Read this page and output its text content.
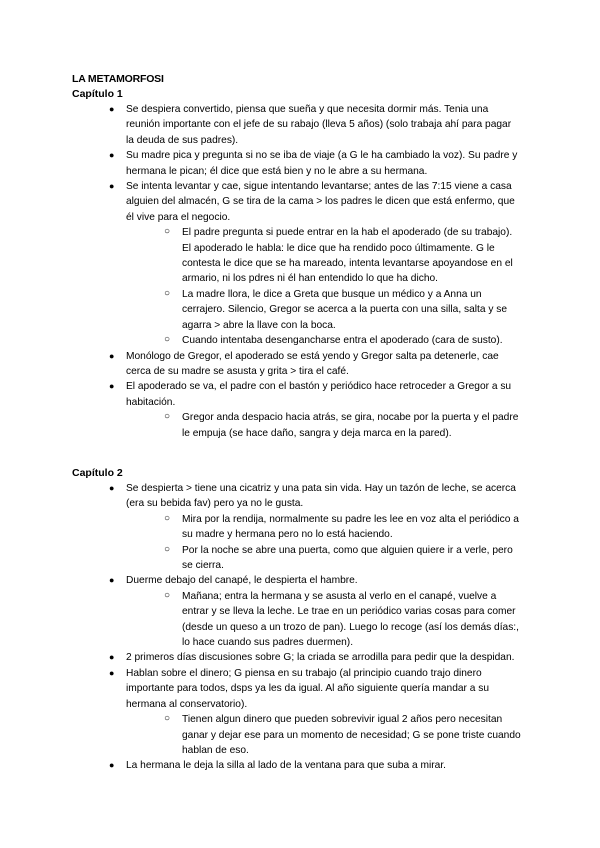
LA METAMORFOSI
Capítulo 1
● Se despiera convertido, piensa que sueña y que necesita dormir más. Tenia una reunión importante con el jefe de su rabajo (lleva 5 años) (solo trabaja ahí para pagar la deuda de sus padres).
● Su madre pica y pregunta si no se iba de viaje (a G le ha cambiado la voz). Su padre y hermana le pican; él dice que está bien y no le abre a su hermana.
● Se intenta levantar y cae, sigue intentando levantarse; antes de las 7:15 viene a casa alguien del almacén, G se tira de la cama > los padres le dicen que está enfermo, que él vive para el negocio.
○ El padre pregunta si puede entrar en la hab el apoderado (de su trabajo). El apoderado le habla: le dice que ha rendido poco últimamente. G le contesta le dice que se ha mareado, intenta levantarse apoyandose en el armario, ni los pdres ni él han entendido lo que ha dicho.
○ La madre llora, le dice a Greta que busque un médico y a Anna un cerrajero. Silencio, Gregor se acerca a la puerta con una silla, salta y se agarra > abre la llave con la boca.
○ Cuando intentaba desengancharse entra el apoderado (cara de susto).
● Monólogo de Gregor, el apoderado se está yendo y Gregor salta pa detenerle, cae cerca de su madre se asusta y grita > tira el café.
● El apoderado se va, el padre con el bastón y periódico hace retroceder a Gregor a su habitación.
○ Gregor anda despacio hacia atrás, se gira, nocabe por la puerta y el padre le empuja (se hace daño, sangra y deja marca en la pared).
Capítulo 2
● Se despierta > tiene una cicatriz y una pata sin vida. Hay un tazón de leche, se acerca (era su bebida fav) pero ya no le gusta.
○ Mira por la rendija, normalmente su padre les lee en voz alta el periódico a su madre y hermana pero no lo está haciendo.
○ Por la noche se abre una puerta, como que alguien quiere ir a verle, pero se cierra.
● Duerme debajo del canapé, le despierta el hambre.
○ Mañana; entra la hermana y se asusta al verlo en el canapé, vuelve a entrar y se lleva la leche. Le trae en un periódico varias cosas para comer (desde un queso a un trozo de pan). Luego lo recoge (así los demás días:, lo hace cuando sus padres duermen).
● 2 primeros días discusiones sobre G; la criada se arrodilla para pedir que la despidan.
● Hablan sobre el dinero; G piensa en su trabajo (al principio cuando trajo dinero importante para todos, dsps ya les da igual. Al año siguiente quería mandar a su hermana al conservatorio).
○ Tienen algun dinero que pueden sobrevivir igual 2 años pero necesitan ganar y dejar ese para un momento de necesidad; G se pone triste cuando hablan de eso.
● La hermana le deja la silla al lado de la ventana para que suba a mirar.
